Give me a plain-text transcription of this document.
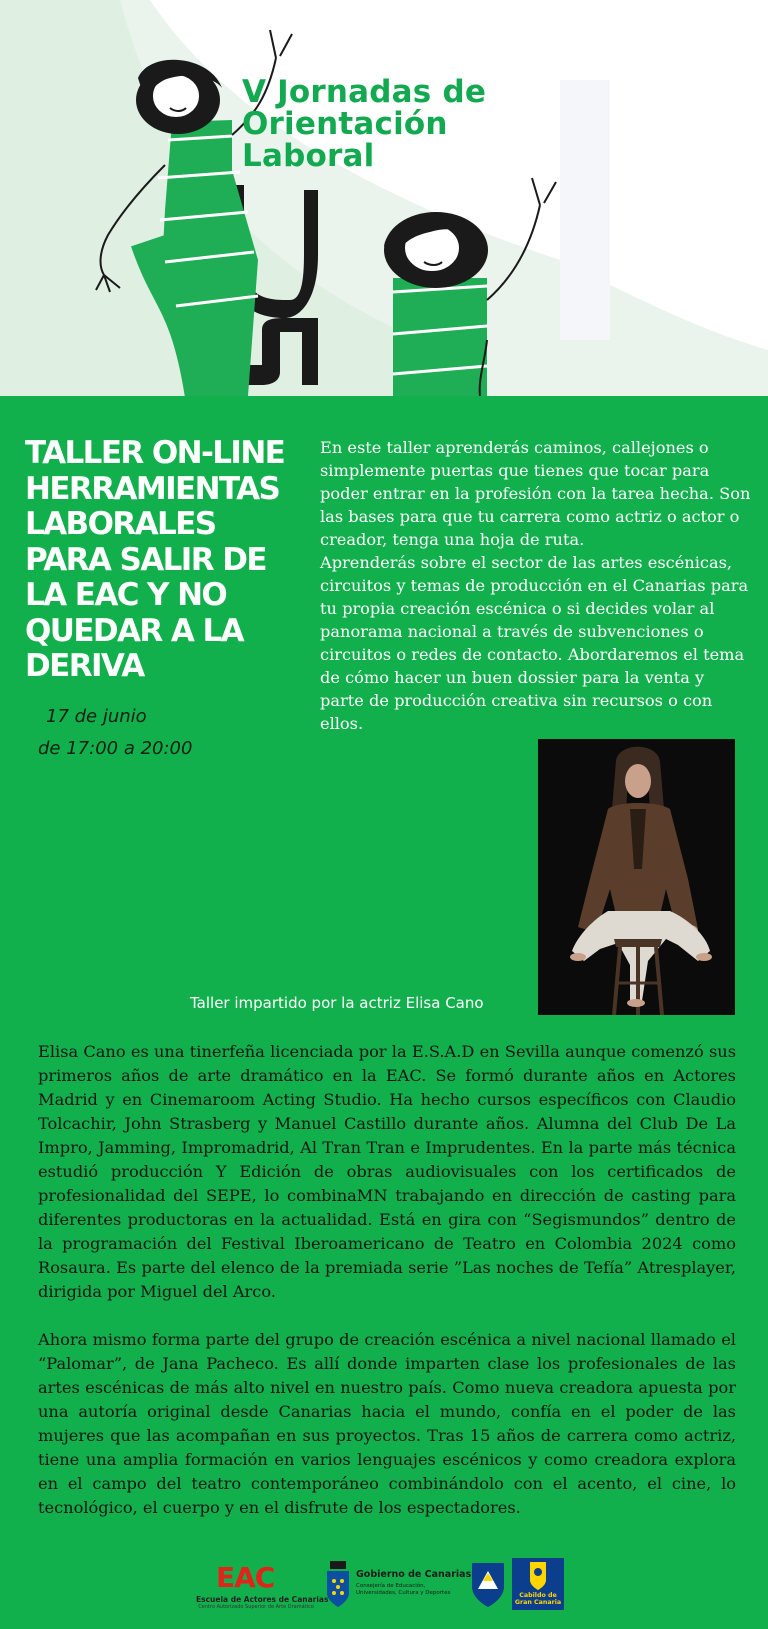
V Jornadas de
Orientación
Laboral
TALLER ON-LINE
HERRAMIENTAS
LABORALES
PARA SALIR DE
LA EAC Y NO
QUEDAR A LA
DERIVA
17 de junio
de 17:00 a 20:00

En este taller aprenderás caminos, callejones o simplemente puertas que tienes que tocar para poder entrar en la profesión con la tarea hecha. Son las bases para que tu carrera como actriz o actor o creador, tenga una hoja de ruta.

Aprenderás sobre el sector de las artes escénicas, circuitos y temas de producción en el Canarias para tu propia creación escénica o si decides volar al panorama nacional a través de subvenciones o circuitos o redes de contacto. Abordaremos el tema de cómo hacer un buen dossier para la venta y parte de producción creativa sin recursos o con ellos.

Taller impartido por la actriz Elisa Cano

Elisa Cano es una tinerfeña licenciada por la E.S.A.D en Sevilla aunque comenzó sus primeros años de arte dramático en la EAC. Se formó durante años en Actores Madrid y en Cinemaroom Acting Studio. Ha hecho cursos específicos con Claudio Tolcachir, John Strasberg y Manuel Castillo durante años. Alumna del Club De La Impro, Jamming, Impromadrid, Al Tran Tran e Imprudentes. En la parte más técnica estudió producción Y Edición de obras audiovisuales con los certificados de profesionalidad del SEPE, lo combinaMN trabajando en dirección de casting para diferentes productoras en la actualidad. Está en gira con “Segismundos” dentro de la programación del Festival Iberoamericano de Teatro en Colombia 2024 como Rosaura. Es parte del elenco de la premiada serie ”Las noches de Tefía” Atresplayer, dirigida por Miguel del Arco.

Ahora mismo forma parte del grupo de creación escénica a nivel nacional llamado el “Palomar”, de Jana Pacheco. Es allí donde imparten clase los profesionales de las artes escénicas de más alto nivel en nuestro país. Como nueva creadora apuesta por una autoría original desde Canarias hacia el mundo, confía en el poder de las mujeres que las acompañan en sus proyectos. Tras 15 años de carrera como actriz, tiene una amplia formación en varios lenguajes escénicos y como creadora explora en el campo del teatro contemporáneo combinándolo con el acento, el cine, lo tecnológico, el cuerpo y en el disfrute de los espectadores.

EAC
Escuela de Actores de Canarias
Centro Autorizado Superior de Arte Dramático
Gobierno de Canarias
Consejería de Educación,
Universidades, Cultura y Deportes	Cabildo de
Gran Canaria
